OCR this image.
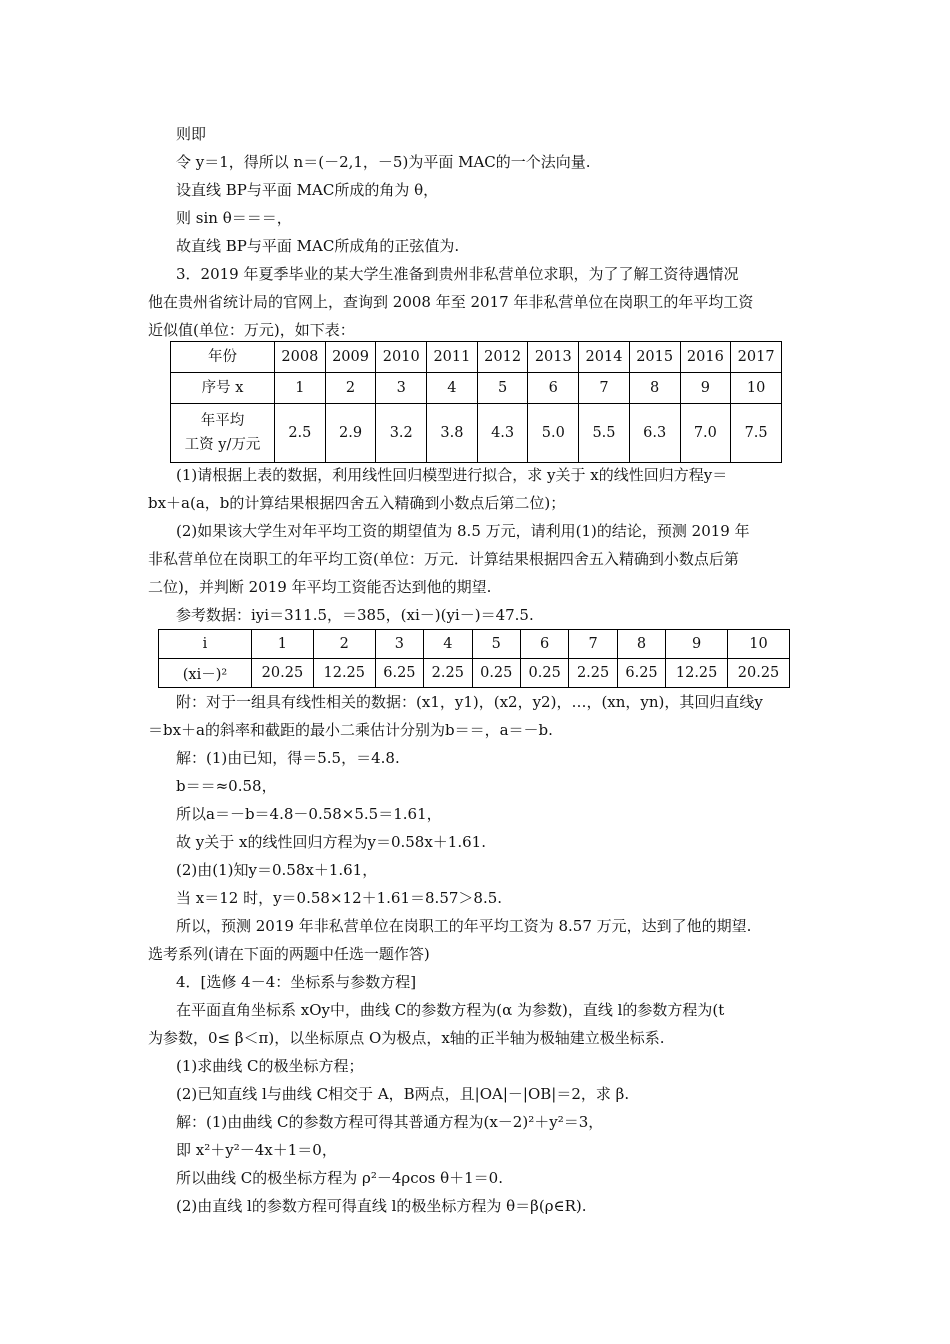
则即
令 y＝1，得所以 n＝(－2,1，－5)为平面 MAC的一个法向量.
设直线 BP与平面 MAC所成的角为 θ，
则 sin θ＝＝＝，
故直线 BP与平面 MAC所成角的正弦值为.
3．2019 年夏季毕业的某大学生准备到贵州非私营单位求职，为了了解工资待遇情况
他在贵州省统计局的官网上，查询到 2008 年至 2017 年非私营单位在岗职工的年平均工资
近似值(单位：万元)，如下表：
年份	2008	2009	2010	2011	2012	2013	2014	2015	2016	2017
序号 x	1	2	3	4	5	6	7	8	9	10

年平均
工资 y/万元	2.5	2.9	3.2	3.8	4.3	5.0	5.5	6.3	7.0	7.5
(1)请根据上表的数据，利用线性回归模型进行拟合，求 y关于 x的线性回归方程y＝
bx＋a(a，b的计算结果根据四舍五入精确到小数点后第二位)；
(2)如果该大学生对年平均工资的期望值为 8.5 万元，请利用(1)的结论，预测 2019 年
非私营单位在岗职工的年平均工资(单位：万元．计算结果根据四舍五入精确到小数点后第
二位)，并判断 2019 年平均工资能否达到他的期望.
参考数据：iyi＝311.5，＝385，(xi－)(yi－)＝47.5.
i	1	2	3	4	5	6	7	8	9	10
(xi－)²	20.25	12.25	6.25	2.25	0.25	0.25	2.25	6.25	12.25	20.25
附：对于一组具有线性相关的数据：(x1，y1)，(x2，y2)，…，(xn，yn)，其回归直线y
＝bx＋a的斜率和截距的最小二乘估计分别为b＝＝，a＝－b.
解：(1)由已知，得＝5.5，＝4.8.
b＝＝≈0.58，
所以a＝－b＝4.8－0.58×5.5＝1.61，
故 y关于 x的线性回归方程为y＝0.58x＋1.61.
(2)由(1)知y＝0.58x＋1.61，
当 x＝12 时，y＝0.58×12＋1.61＝8.57＞8.5.
所以，预测 2019 年非私营单位在岗职工的年平均工资为 8.57 万元，达到了他的期望.
选考系列(请在下面的两题中任选一题作答)
4．[选修 4－4：坐标系与参数方程]
在平面直角坐标系 xOy中，曲线 C的参数方程为(α 为参数)，直线 l的参数方程为(t
为参数，0≤ β＜π)，以坐标原点 O为极点，x轴的正半轴为极轴建立极坐标系.
(1)求曲线 C的极坐标方程；
(2)已知直线 l与曲线 C相交于 A，B两点，且|OA|－|OB|＝2，求 β.
解：(1)由曲线 C的参数方程可得其普通方程为(x－2)²＋y²＝3，
即 x²＋y²－4x＋1＝0，
所以曲线 C的极坐标方程为 ρ²－4ρcos θ＋1＝0.
(2)由直线 l的参数方程可得直线 l的极坐标方程为 θ＝β(ρ∈R).
